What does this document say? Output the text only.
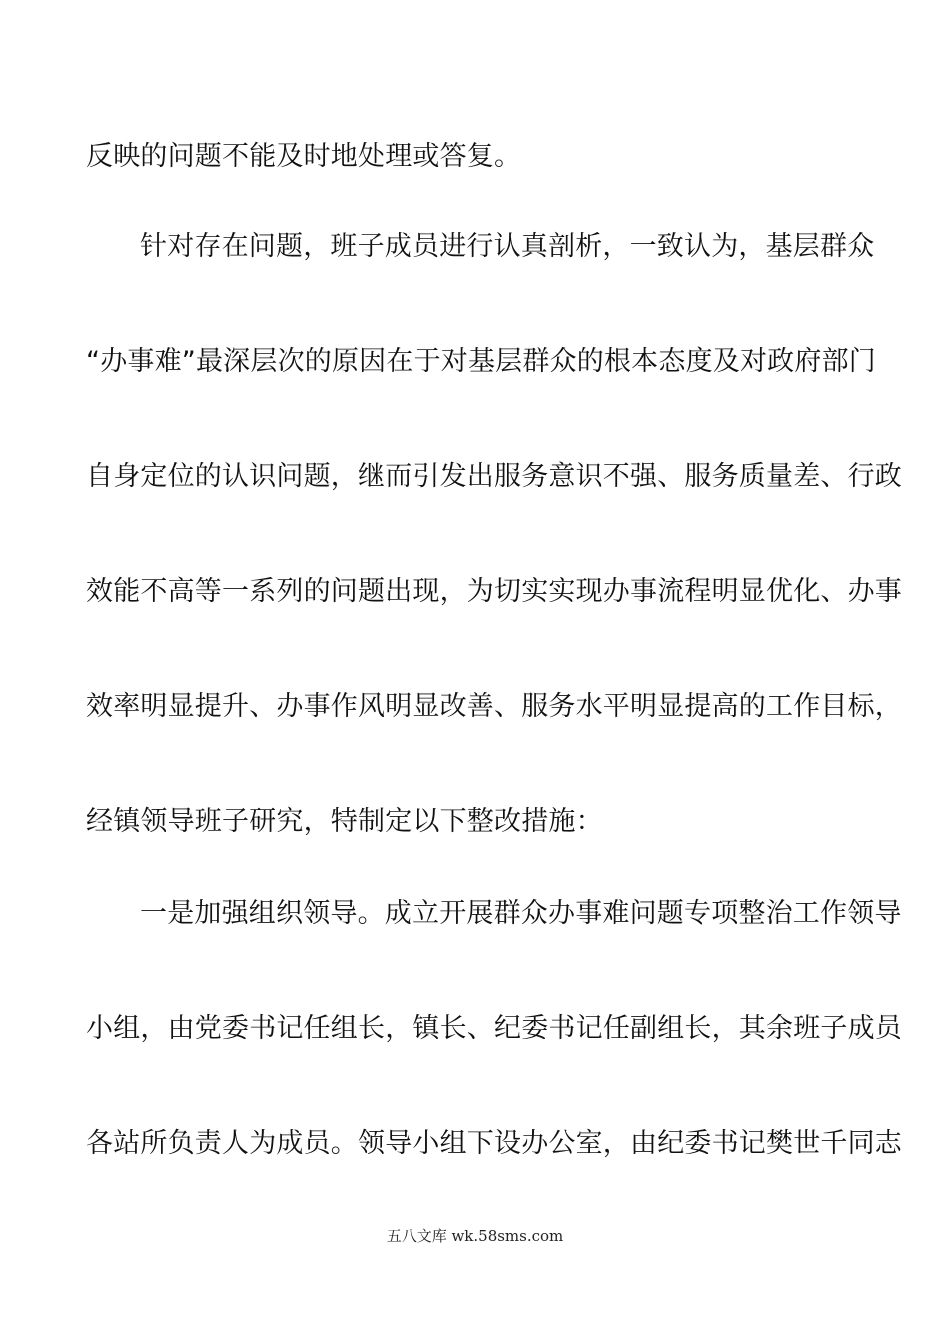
反映的问题不能及时地处理或答复。
针对存在问题，班子成员进行认真剖析，一致认为，基层群众
“办事难”最深层次的原因在于对基层群众的根本态度及对政府部门
自身定位的认识问题，继而引发出服务意识不强、服务质量差、行政
效能不高等一系列的问题出现，为切实实现办事流程明显优化、办事
效率明显提升、办事作风明显改善、服务水平明显提高的工作目标，
经镇领导班子研究，特制定以下整改措施：
一是加强组织领导。成立开展群众办事难问题专项整治工作领导
小组，由党委书记任组长，镇长、纪委书记任副组长，其余班子成员
各站所负责人为成员。领导小组下设办公室，由纪委书记樊世千同志
五八文库 wk.58sms.com
